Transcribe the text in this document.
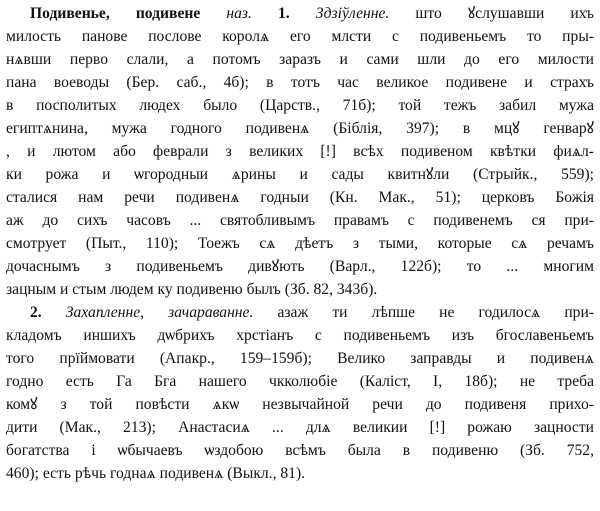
Подивенье, подивене наз. 1. Здзіўленне. што ꙋслушавши ихъ
милость панове послове королѧ его млсти с подивеньемъ то пры-
нѧвши перво слали, а потомъ заразъ и сами шли до его милости
пана воеводы (Бер. саб., 4б); в тотъ час великое подивене и страхъ
в посполитых людех было (Царств., 71б); той тежъ забил мужа
египтѧнина, мужа годного подивенѧ (Біблія, 397); в мцꙋ генварꙋ
, и лютом або феврали з великих [!] всѣх подивеном квѣтки фиѧл-
ки рожа и ѡгородныи ѧрины и сады квитнꙋли (Стрыйк., 559);
сталися нам речи подивенѧ годныи (Кн. Мак., 51); церковъ Божія
аж до сихъ часовъ ... святобливымъ правамъ с подивенемъ ся при-
смотрует (Пыт., 110); Тоежъ сѧ дѣетъ з тыми, которые сѧ речамъ
дочаснымъ з подивеньемъ дивꙋють (Варл., 122б); то ... многим
зацным и стым людем ку подивеню былъ (Зб. 82, 343б).
2. Захапленне, зачараванне. азаж ти лѣпше не годилосѧ при-
кладомъ иншихъ дѡбрихъ хрстіанъ с подивеньемъ изъ бгославеньемъ
того прїймовати (Апакр., 159–159б); Велико заправды и подивенѧ
годно есть Га Бга нашего чкколюбіе (Каліст, I, 18б); не треба
комꙋ з той повѣсти ѧкѡ незвычайной речи до подивеня прихо-
дити (Мак., 213); Анастасиѧ ... длѧ великии [!] рожаю зацности
богатства і ѡбычаевъ ѡздобою всѣмъ была в подивеню (Зб. 752,
460); есть рѣчь годнаѧ подивенѧ (Выкл., 81).
